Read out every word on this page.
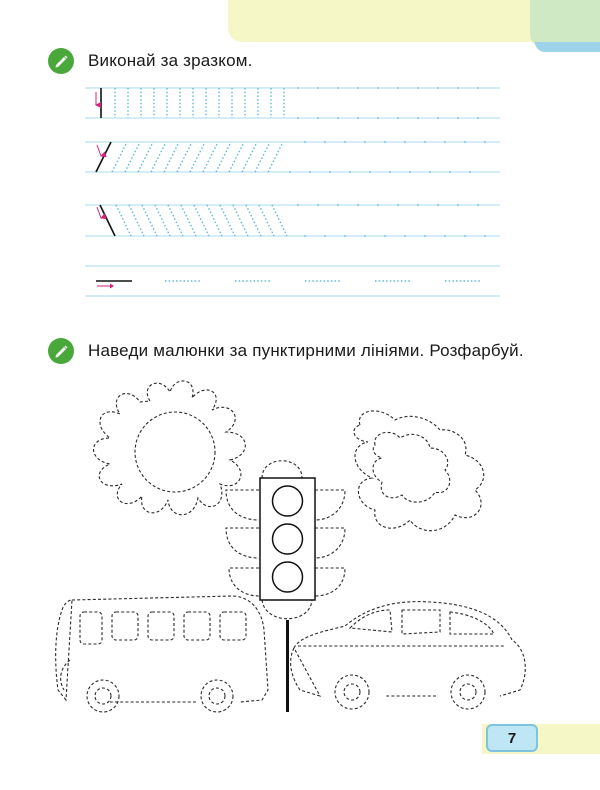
Виконай за зразком.
Наведи малюнки за пунктирними лініями. Розфарбуй.
7
